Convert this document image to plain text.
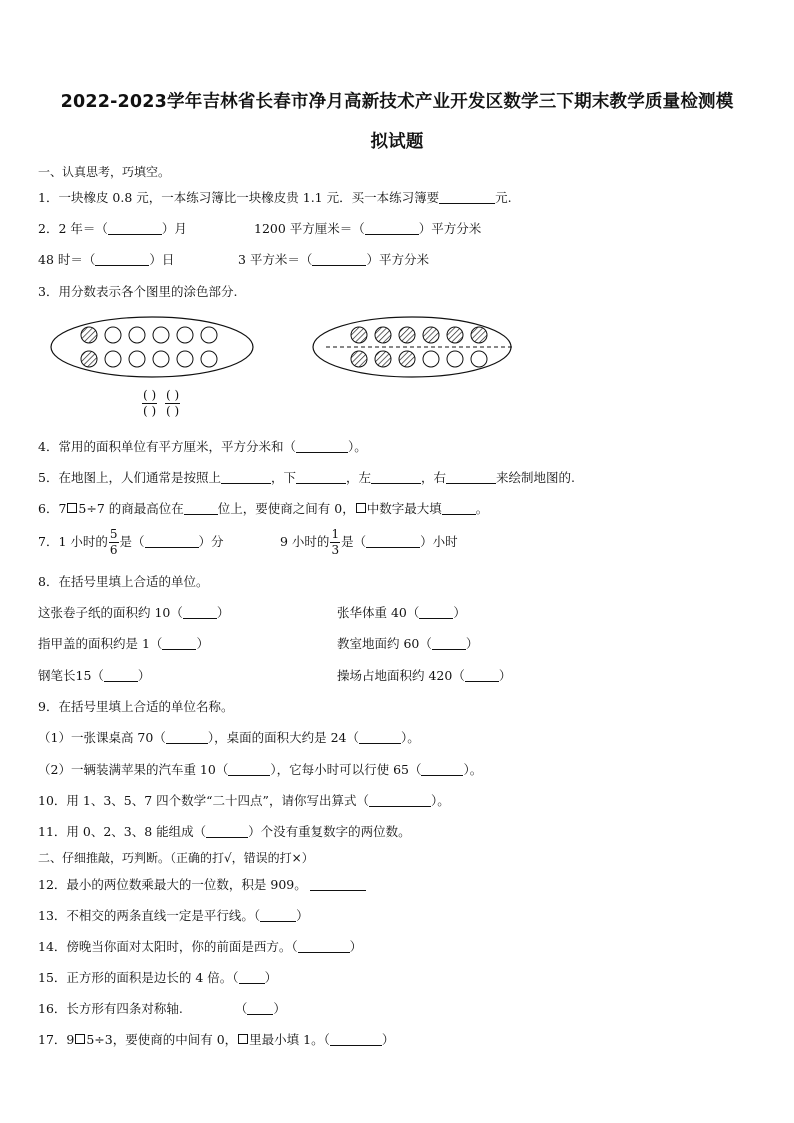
2022-2023学年吉林省长春市净月高新技术产业开发区数学三下期末教学质量检测模
拟试题
一、认真思考，巧填空。
1．一块橡皮 0.8 元，一本练习簿比一块橡皮贵 1.1 元．买一本练习簿要	元.
2．2 年＝（	）月	1200 平方厘米＝（	）平方分米
48 时＝（	）日	3 平方米＝（	）平方分米
3．用分数表示各个图里的涂色部分.
$\frac{( )}{( )} \frac{( )}{( )}$
4．常用的面积单位有平方厘米，平方分米和（	）。
5．在地图上，人们通常是按照上	，下	，左	，右	来绘制地图的.
6．7 5÷7 的商最高位在	位上，要使商之间有 0， 中数字最大填	。
7．1 小时的 $\frac{5}{6}$ 是（	）分	9 小时的 $\frac{1}{3}$ 是（	）小时
8．在括号里填上合适的单位。
这张卷子纸的面积约 10（	）	张华体重 40（	）
指甲盖的面积约是 1（	）	教室地面约 60（	）
钢笔长15（	）	操场占地面积约 420（	）
9．在括号里填上合适的单位名称。
（1）一张课桌高 70（	），桌面的面积大约是 24（	）。
（2）一辆装满苹果的汽车重 10（	），它每小时可以行使 65（	）。
10．用 1、3、5、7 四个数学“二十四点”，请你写出算式（	）。
11．用 0、2、3、8 能组成（	）个没有重复数字的两位数。
二、仔细推敲，巧判断。（正确的打√，错误的打×）
12．最小的两位数乘最大的一位数，积是 909。
13．不相交的两条直线一定是平行线。（	）
14．傍晚当你面对太阳时，你的前面是西方。（	）
15．正方形的面积是边长的 4 倍。（ ）
16．长方形有四条对称轴.	（ ）
17．9 5÷3，要使商的中间有 0， 里最小填 1。（	）
